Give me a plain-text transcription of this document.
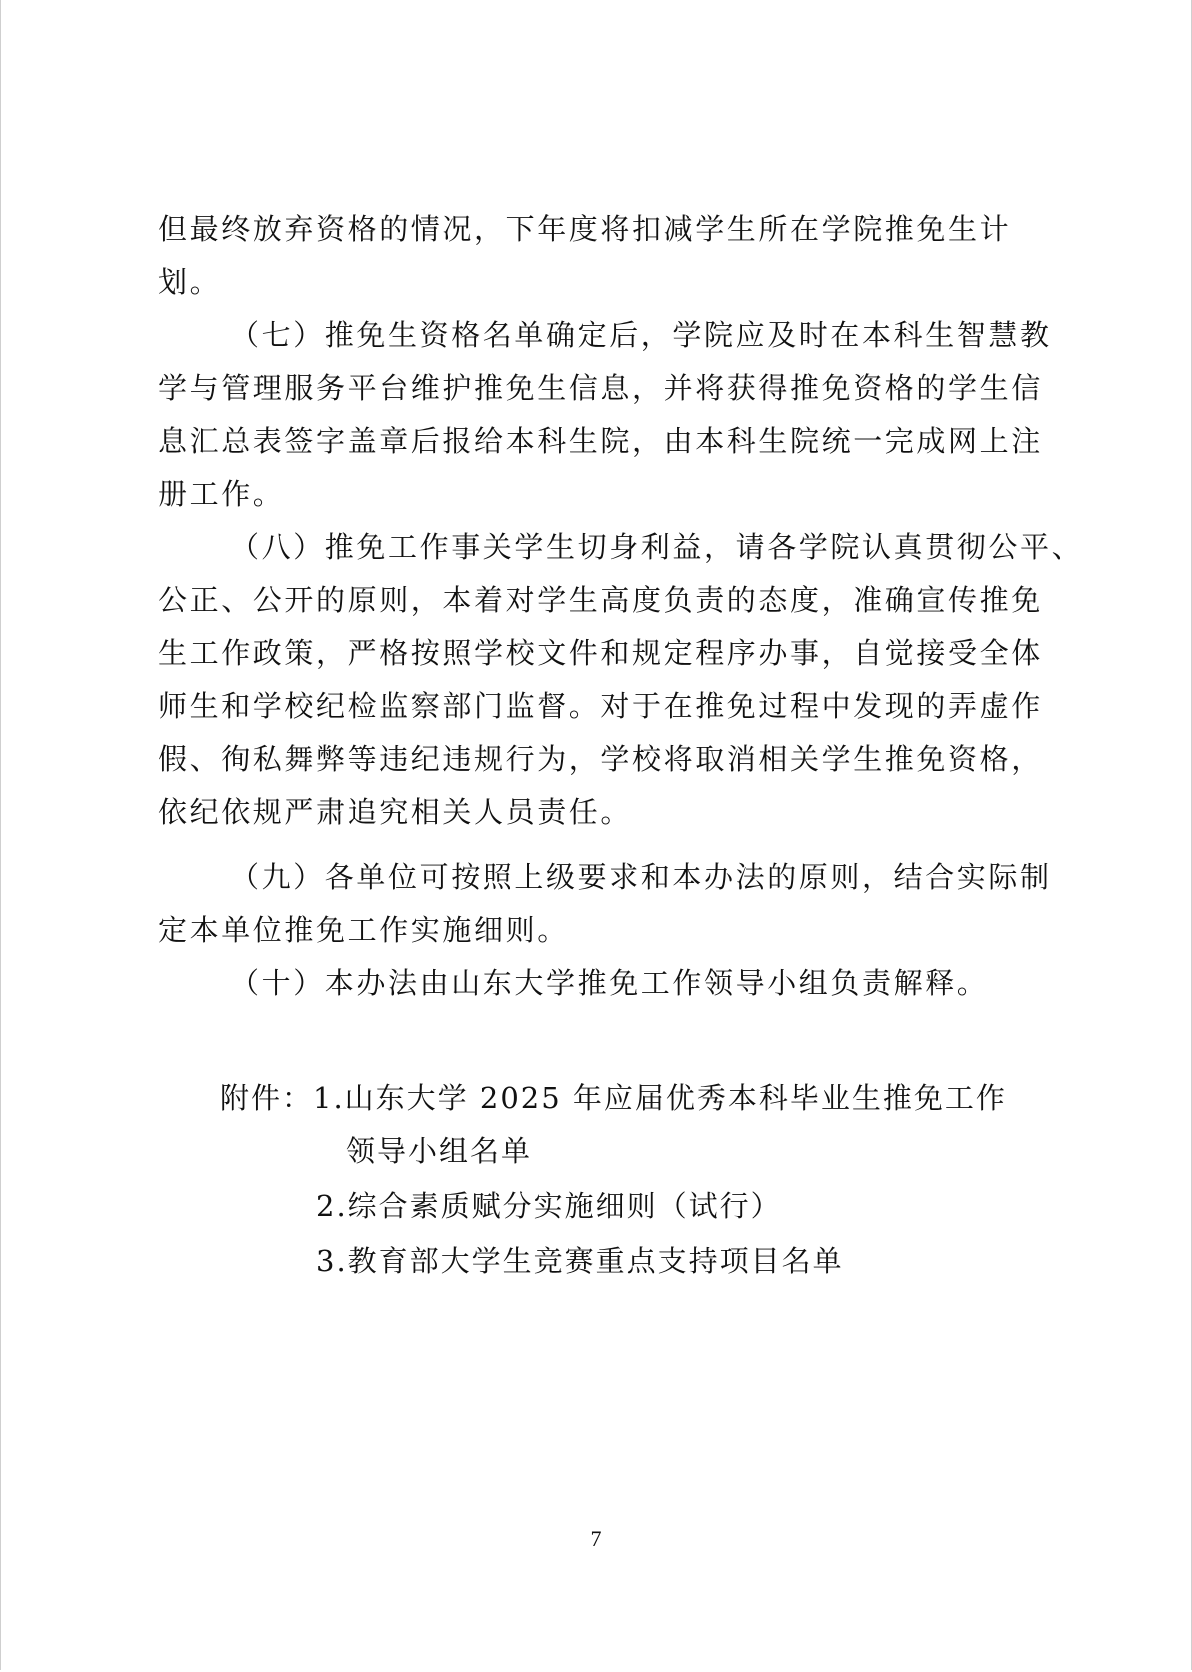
但最终放弃资格的情况，下年度将扣减学生所在学院推免生计
划。
（七）推免生资格名单确定后，学院应及时在本科生智慧教
学与管理服务平台维护推免生信息，并将获得推免资格的学生信
息汇总表签字盖章后报给本科生院，由本科生院统一完成网上注
册工作。
（八）推免工作事关学生切身利益，请各学院认真贯彻公平、
公正、公开的原则，本着对学生高度负责的态度，准确宣传推免
生工作政策，严格按照学校文件和规定程序办事，自觉接受全体
师生和学校纪检监察部门监督。对于在推免过程中发现的弄虚作
假、徇私舞弊等违纪违规行为，学校将取消相关学生推免资格，
依纪依规严肃追究相关人员责任。
（九）各单位可按照上级要求和本办法的原则，结合实际制
定本单位推免工作实施细则。
（十）本办法由山东大学推免工作领导小组负责解释。
附件：1.山东大学 2025 年应届优秀本科毕业生推免工作
领导小组名单
2.综合素质赋分实施细则（试行）
3.教育部大学生竞赛重点支持项目名单
7
